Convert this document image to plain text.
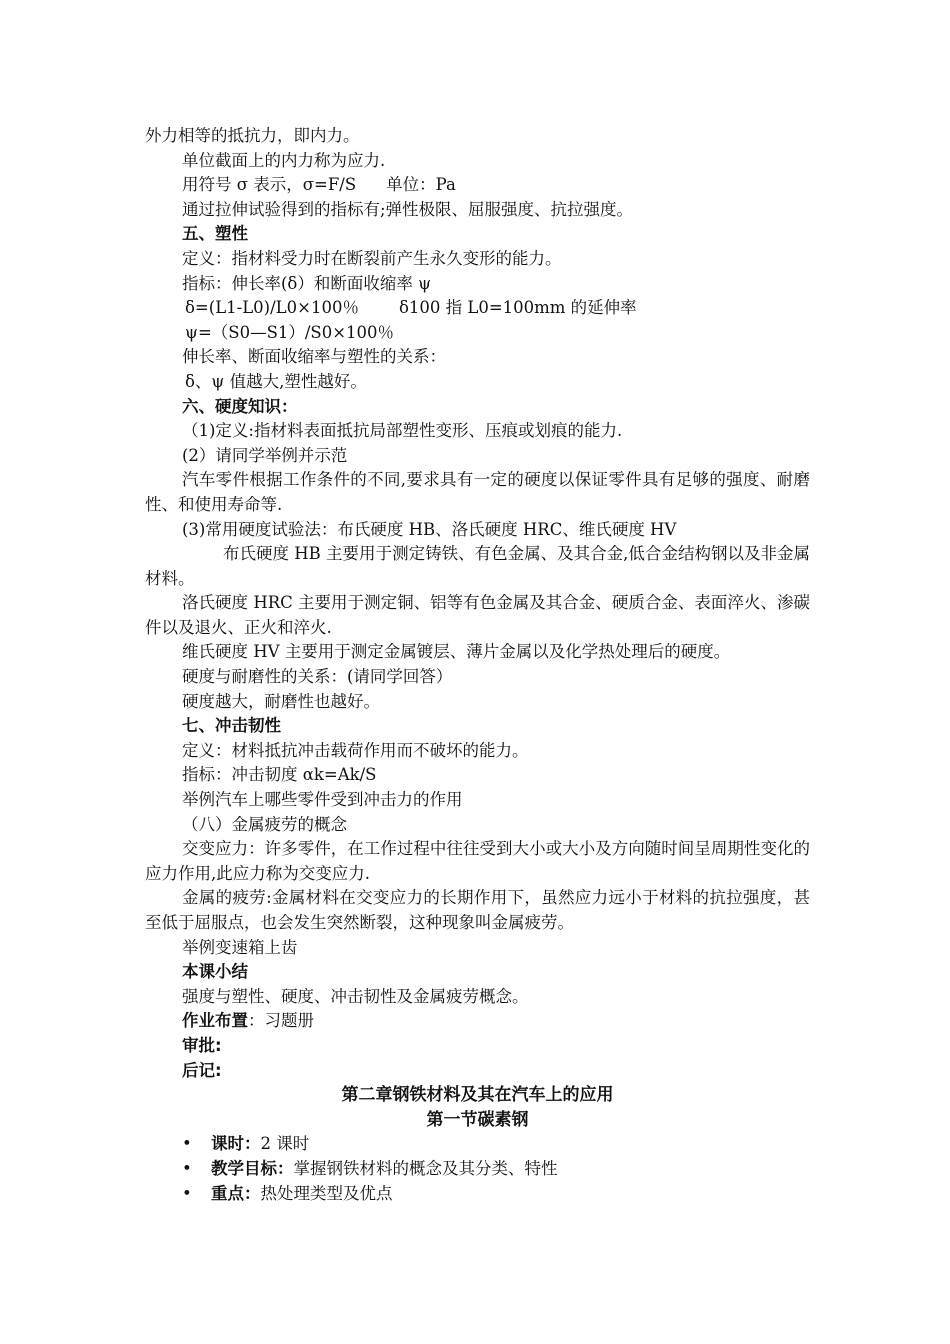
外力相等的抵抗力，即内力。

单位截面上的内力称为应力.

用符号 σ 表示，σ=F/S 单位：Pa

通过拉伸试验得到的指标有;弹性极限、屈服强度、抗拉强度。

五、塑性

定义：指材料受力时在断裂前产生永久变形的能力。

指标：伸长率(δ）和断面收缩率 ψ

δ=(L1-L0)/L0×100％ δ100 指 L0=100mm 的延伸率

ψ=（S0—S1）/S0×100％

伸长率、断面收缩率与塑性的关系：

δ、ψ 值越大,塑性越好。

六、硬度知识：

（1)定义:指材料表面抵抗局部塑性变形、压痕或划痕的能力.

(2）请同学举例并示范

汽车零件根据工作条件的不同,要求具有一定的硬度以保证零件具有足够的强度、耐磨性、和使用寿命等.

(3)常用硬度试验法：布氏硬度 HB、洛氏硬度 HRC、维氏硬度 HV

布氏硬度 HB 主要用于测定铸铁、有色金属、及其合金,低合金结构钢以及非金属材料。

洛氏硬度 HRC 主要用于测定铜、铝等有色金属及其合金、硬质合金、表面淬火、渗碳件以及退火、正火和淬火.

维氏硬度 HV 主要用于测定金属镀层、薄片金属以及化学热处理后的硬度。

硬度与耐磨性的关系：(请同学回答）

硬度越大，耐磨性也越好。

七、冲击韧性

定义：材料抵抗冲击载荷作用而不破坏的能力。

指标：冲击韧度 αk=Ak/S

举例汽车上哪些零件受到冲击力的作用

（八）金属疲劳的概念

交变应力：许多零件，在工作过程中往往受到大小或大小及方向随时间呈周期性变化的应力作用,此应力称为交变应力.

金属的疲劳:金属材料在交变应力的长期作用下，虽然应力远小于材料的抗拉强度，甚至低于屈服点，也会发生突然断裂，这种现象叫金属疲劳。

举例变速箱上齿

本课小结

强度与塑性、硬度、冲击韧性及金属疲劳概念。

作业布置：习题册

审批:

后记:

第二章钢铁材料及其在汽车上的应用

第一节碳素钢

•	课时： 2 课时
•	教学目标： 掌握钢铁材料的概念及其分类、特性
•	重点： 热处理类型及优点
